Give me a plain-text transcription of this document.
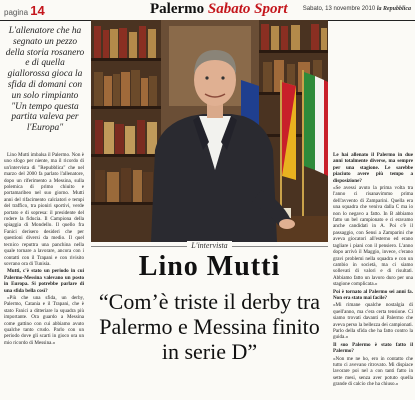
pagina 14	Palermo Sabato Sport	Sabato, 13 novembre 2010 la Repubblica
L'allenatore che ha segnato un pezzo della storia rosanero e di quella giallorossa gioca la sfida di domani con un solo rimpianto "Un tempo questa partita valeva per l'Europa"

Lino Mutti imbalsa il Palermo. Non è uno sfogo per niente, ma il ricordo di un'intervista di "Repubblica" che nel marzo del 2000 fa parlato l'allenatore, dopo un riferimento a Messina, sulla polemica di primo chiuito e portamaribeo nel suo giorno. Mutti anni del rifacimento calciatori e tempi del traffico, tra pioniri sportivi, verde portato e di sopresa: il presidente del rodere la fiducia. Il Campiona della spiaggia di Mondello. Il quello fra Fanici derisero desideri che per questioni diversi da medio. Il quel tecnico reputtra una panchina nella quale tornare a lavorare, ancora con i contatti con il Trapani e con rivisito sovrano ora di Tunisia.

Mutti, c'è stato un periodo in cui Palermo-Messina valevano un posto in Europa. Si potrebbe parlare di una sfida bella così?

«Più che una sfida, un derby, Palermo, Catania e il Trapani, che è stato Fanici a ditteriare la squadra più importante. Ora guardo a Messina come gattino con cui abbiamo avuto qualche tanto crudo. Parlo con un periodo dove gli scarti in gioco ora un mio ricordo di Messina.»

Le hai allenato il Palermo in due anni totalmente diverse, ma sempre per una stagione. Le sarebbe piaciuto avere più tempo a disposizione?

«Se avessi avuto la prima volta tra l'anno ci risanavimmo prima dell'avvento di Zamparini. Quella era una squadra che veniva dalla C ma io non lo negavo a fatto. In B abbiamo fatto un bel campionato e ci eravamo anche candidati in A. Poi c'è il passaggio, con Sensi a Zamparini che aveva giocatori all'esterno ed erano tagliare i piani con il pensiero. L'anno dopo arrivò il Maggio, invece, c'erano gravi problemi nella squadra e con un cambio in società, ma ci siamo sollevati di valori e di risultati. Abbiamo fatto un lavoro duro per una stagione complicata.»

Poi è tornato al Palermo sei anni fa. Non era stato mai facile?

«Mi rimane qualche nostalgia di quell'anno, ma c'era certa tensione. Ci siamo trovati davanti al Palermo che aveva perso la bellezza dei campionati. Parlo della sfida che ha fatto contro la guida.»

Il suo Palermo è stato fatto il Palermo?

«Non me ne ho, ero in contatto che tutto ci avevano ritrovato. Mi dispiace lavorare poi nel a con tanti fatto in sette mesi, senza aver potuto quella grande di calcio che ha chiuso.»

L'intervista
Lino Mutti
“Com’è triste il derby tra Palermo e Messina finito in serie D”
